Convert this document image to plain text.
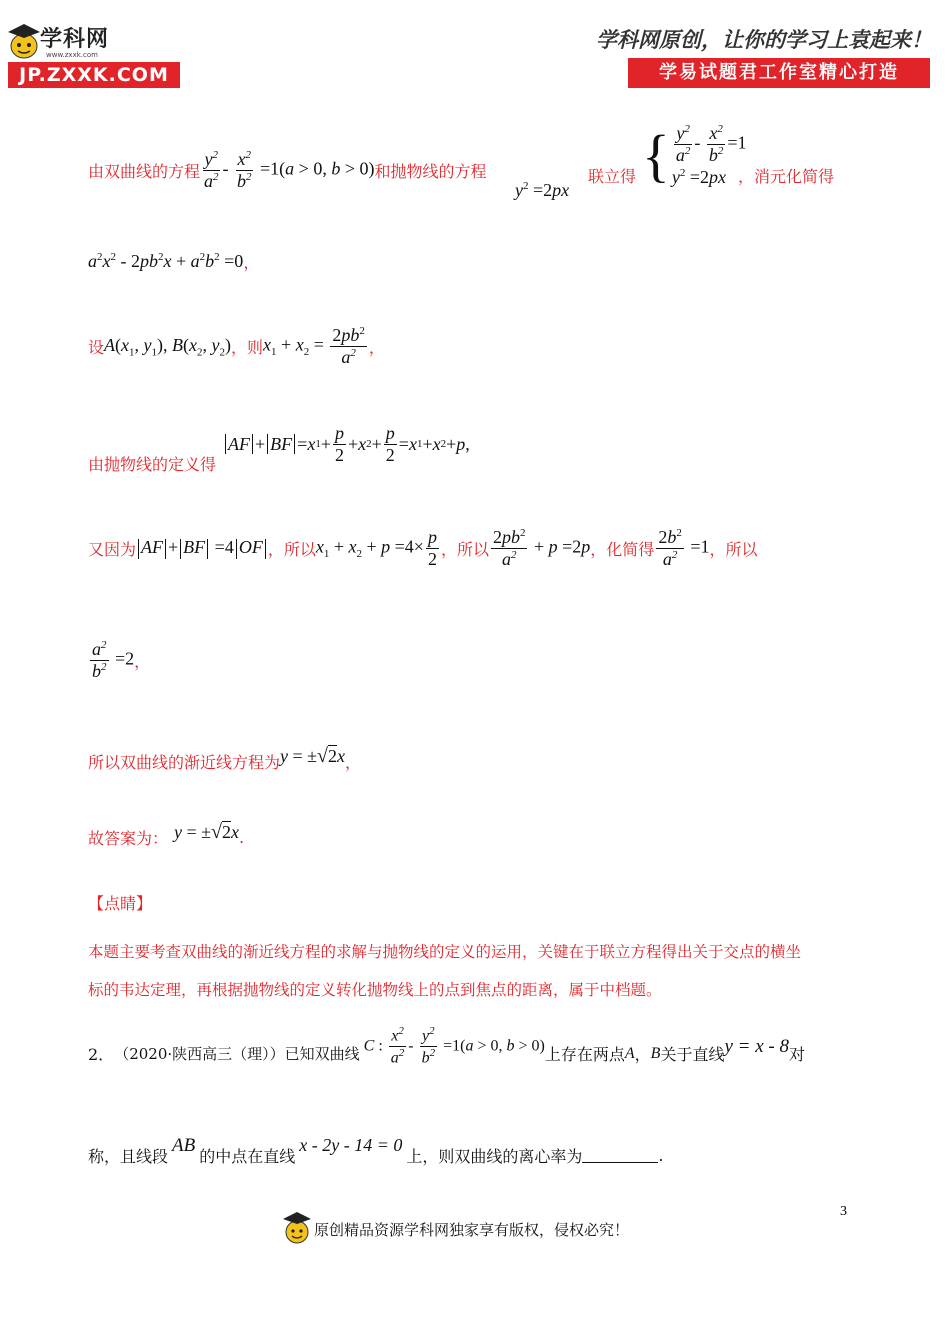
学科网
www.zxxk.com
JP.ZXXK.COM
学科网原创，让你的学习上袁起来！
学易试题君工作室精心打造
由双曲线的方程 $\frac{y^2}{a^2} - \frac{x^2}{b^2} =1(a > 0$, b > 0) 和抛物线的方程
$y^2 =2px$
联立得 { $\frac{y^2}{a^2} - \frac{x^2}{b^2} =1$
$y^2 =2px$ ，消元化简得
$a^2x^2 - 2pb^2x + a^2b^2 =0$ ，
设 $A(x_1$, $y_1$), $B(x_2$, $y_2$) ，则 $x_1 + x_2 = \frac{2pb^2}{a^2}$ ，
由抛物线的定义得
AF + BF = x $1 + \frac{p}{2} + x$ $2 + \frac{p}{2} = x$ 1 + x 2 + p ,
又因为 AF + BF =4 OF ，所以 $x_1 + x_2 + p =4\times \frac{p}{2}$ ，所以 $\frac{2pb^2}{a^2} + p =2p$ ，化简得 $\frac{2b^2}{a^2} =1$ ，所以
$\frac{a^2}{b^2} =2$ ，
所以双曲线的渐近线方程为 y = ±√2x ，
故答案为： y = ±√2x .
【点睛】
本题主要考查双曲线的渐近线方程的求解与抛物线的定义的运用，关键在于联立方程得出关于交点的横坐
标的韦达定理，再根据抛物线的定义转化抛物线上的点到焦点的距离，属于中档题。
2． （2020·陕西高三（理））已知双曲线 C : $\frac{x^2}{a^2} - \frac{y^2}{b^2} =1(a > 0$, b > 0) 上存在两点 A ， B 关于直线 y = x - 8 对
称，且线段
AB
的中点在直线
x - 2y - 14 = 0
上，则双曲线的离心率为	.
3
原创精品资源学科网独家享有版权，侵权必究！
